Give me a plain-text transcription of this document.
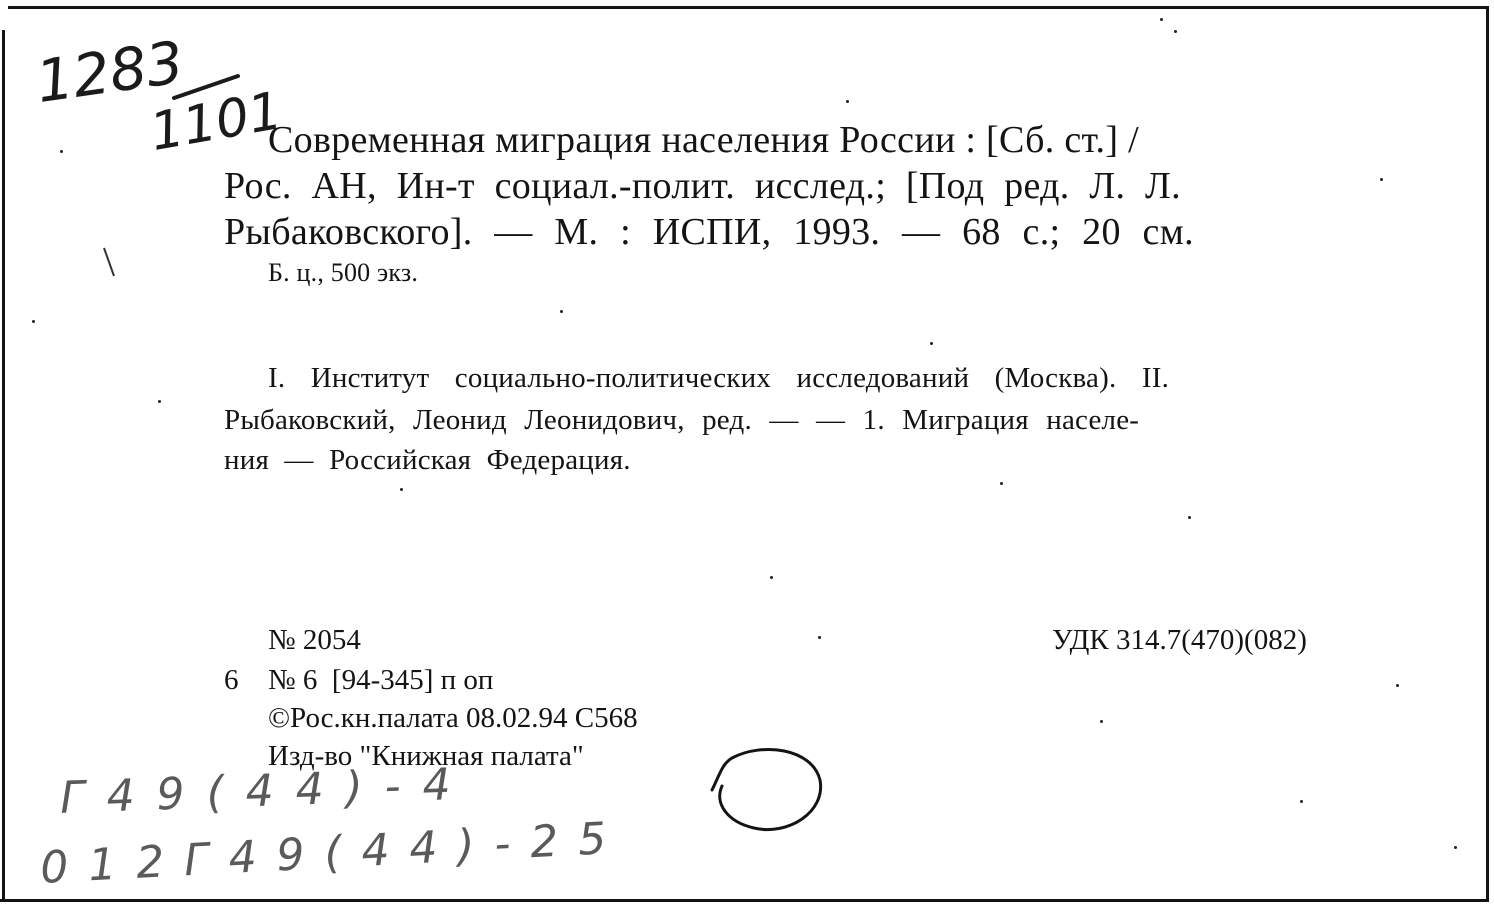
1283
1101
Современная миграция населения России : [Сб. ст.] /
Рос. АН, Ин-т социал.-полит. исслед.; [Под ред. Л. Л.
Рыбаковского]. — М. : ИСПИ, 1993. — 68 с.; 20 см.
Б. ц., 500 экз.
I. Институт социально-политических исследований (Москва). II.
Рыбаковский, Леонид Леонидович, ред. — — 1. Миграция населе-
ния — Российская Федерация.
№ 2054	УДК 314.7(470)(082)
6 № 6  [94-345] п оп
©Рос.кн.палата 08.02.94 С568
Изд-во "Книжная палата"
Г 4 9 ( 4 4 ) - 4
0 1 2 Г 4 9 ( 4 4 ) - 2 5
